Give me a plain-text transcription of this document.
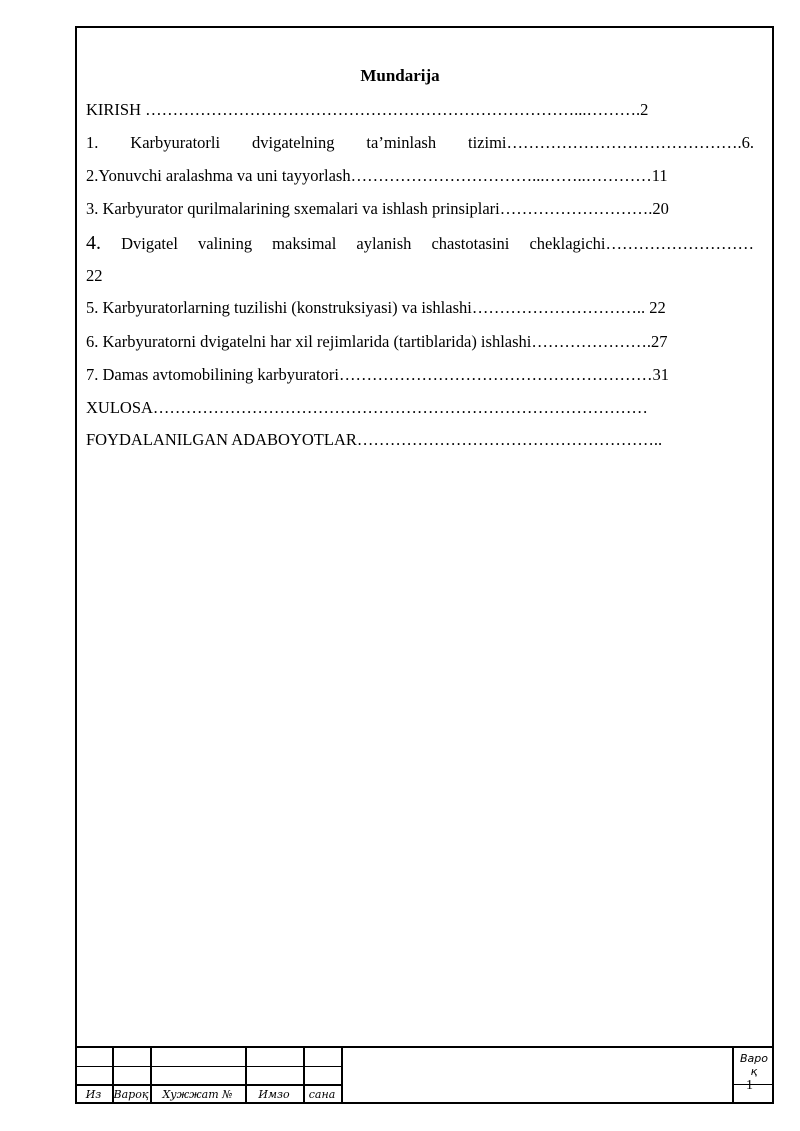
Mundarija

KIRISH ……………………………………………………………………...……….2

1. Karbyuratorli dvigatelning ta’minlash tizimi…………………………………….6.

2.Yonuvchi aralashma va uni tayyorlash……………………………...……..…………11

3. Karbyurator qurilmalarining sxemalari va ishlash prinsiplari……………………….20

4. Dvigatel valining maksimal aylanish chastotasini cheklagichi………………………

22

5. Karbyuratorlarning tuzilishi (konstruksiyasi) va ishlashi………………………….. 22

6. Karbyuratorni dvigatelni har xil rejimlarida (tartiblarida) ishlashi………………….27

7. Damas avtomobilining karbyuratori…………………………………………………31

XULOSA………………………………………………………………………………

FOYDALANILGAN ADABOYOTLAR………………………………………………..

Из	Вароқ	Хужжат №	Имзо	сана
Варо
қ
1
